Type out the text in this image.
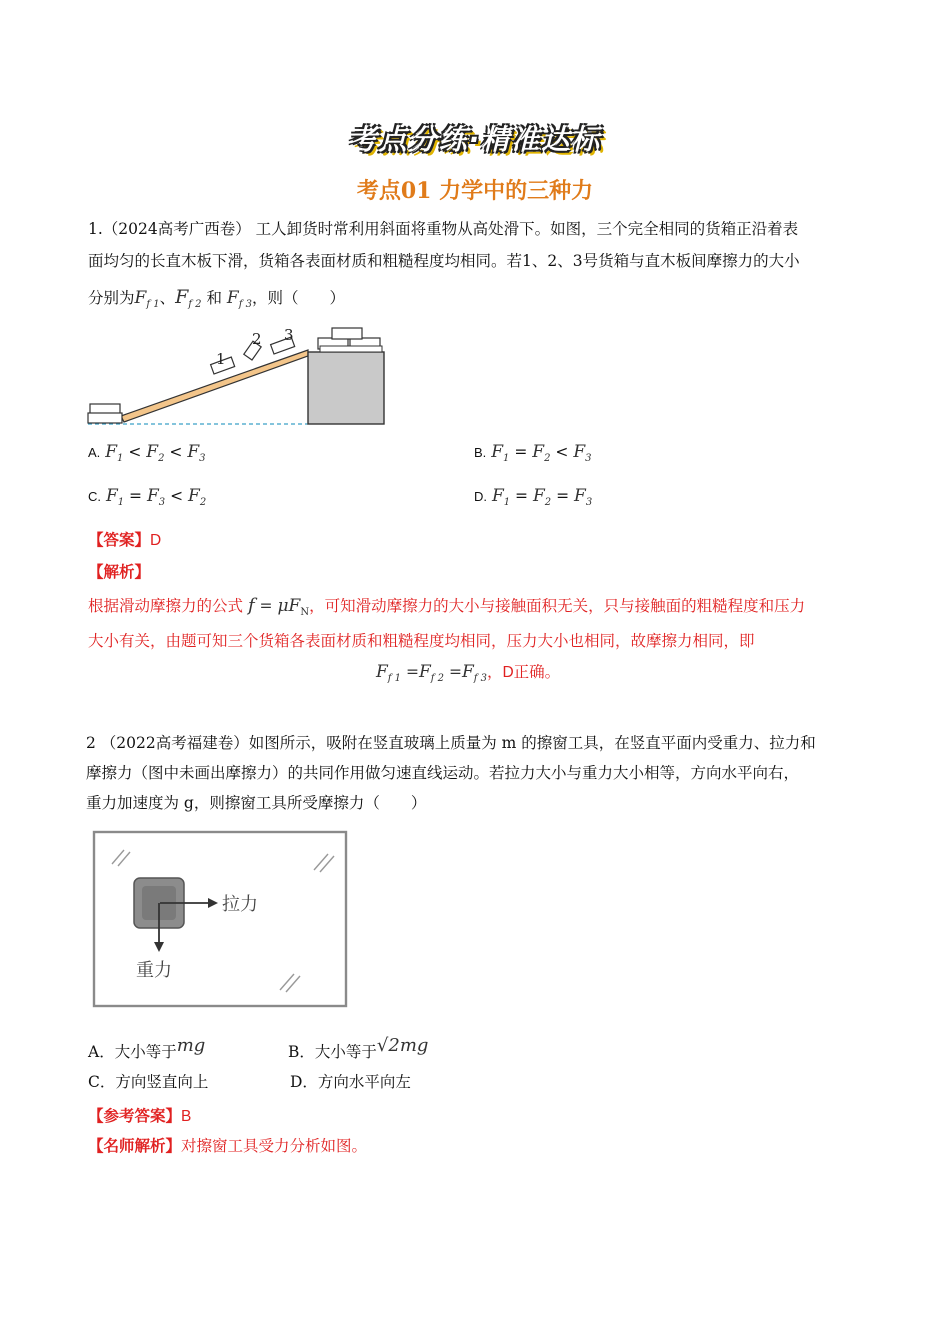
考点分练·精准达标
考点01 力学中的三种力
1.（2024高考广西卷） 工人卸货时常利用斜面将重物从高处滑下。如图，三个完全相同的货箱正沿着表
面均匀的长直木板下滑，货箱各表面材质和粗糙程度均相同。若1、2、3号货箱与直木板间摩擦力的大小
分别为$F_{f 1}$、$F_{f 2}$ 和 $F_{f 3}$，则（　　）
1
2 3
A. $F_1 < F_2 < F_3$	B. $F_1 = F_2 < F_3$
C. $F_1 = F_3 < F_2$	D. $F_1 = F_2 = F_3$
【答案】D
【解析】
根据滑动摩擦力的公式 $f = \mu F_N$，可知滑动摩擦力的大小与接触面积无关，只与接触面的粗糙程度和压力
大小有关，由题可知三个货箱各表面材质和粗糙程度均相同，压力大小也相同，故摩擦力相同，即
$F_{f 1} =F_{f 2} =F_{f 3}$，D正确。
2 （2022高考福建卷）如图所示，吸附在竖直玻璃上质量为 m 的擦窗工具，在竖直平面内受重力、拉力和
摩擦力（图中未画出摩擦力）的共同作用做匀速直线运动。若拉力大小与重力大小相等，方向水平向右，
重力加速度为 g，则擦窗工具所受摩擦力（　　）
拉力
重力
A．大小等于mg	B．大小等于√2mg
C．方向竖直向上	D．方向水平向左
【参考答案】B
【名师解析】对擦窗工具受力分析如图。
